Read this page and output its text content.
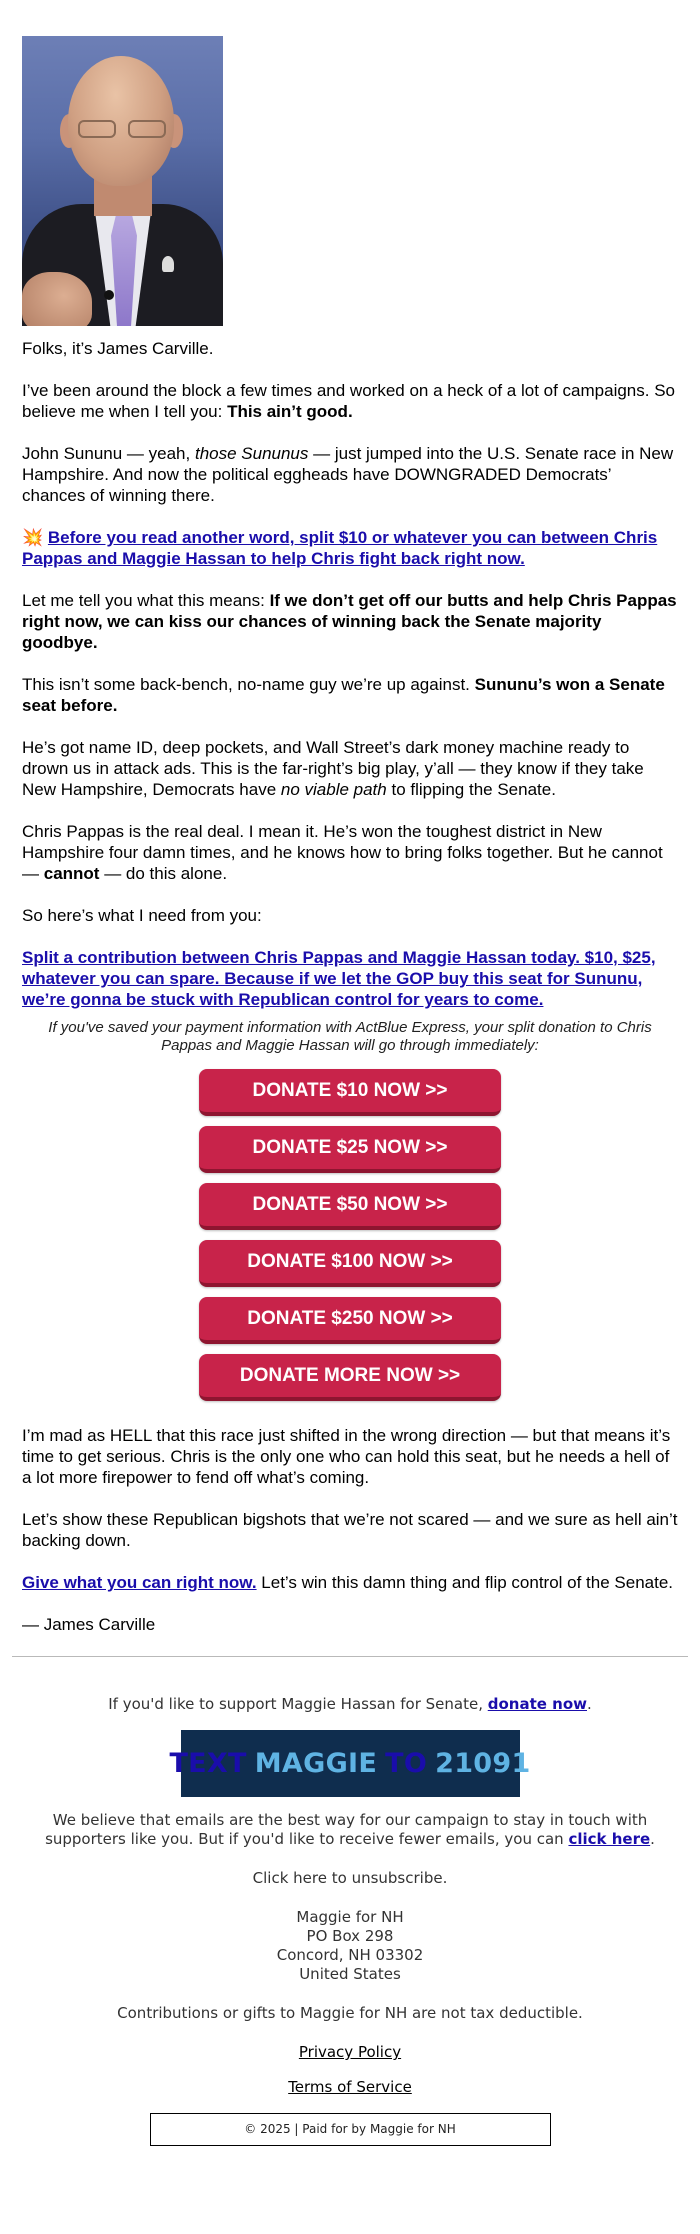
Folks, it’s James Carville.

I’ve been around the block a few times and worked on a heck of a lot of campaigns. So believe me when I tell you: This ain’t good.

John Sununu — yeah, those Sununus — just jumped into the U.S. Senate race in New Hampshire. And now the political eggheads have DOWNGRADED Democrats’ chances of winning there.

💥 Before you read another word, split $10 or whatever you can between Chris Pappas and Maggie Hassan to help Chris fight back right now.

Let me tell you what this means: If we don’t get off our butts and help Chris Pappas right now, we can kiss our chances of winning back the Senate majority goodbye.

This isn’t some back-bench, no-name guy we’re up against. Sununu’s won a Senate seat before.

He’s got name ID, deep pockets, and Wall Street’s dark money machine ready to drown us in attack ads. This is the far-right’s big play, y’all — they know if they take New Hampshire, Democrats have no viable path to flipping the Senate.

Chris Pappas is the real deal. I mean it. He’s won the toughest district in New Hampshire four damn times, and he knows how to bring folks together. But he cannot — cannot — do this alone.

So here’s what I need from you:

Split a contribution between Chris Pappas and Maggie Hassan today. $10, $25, whatever you can spare. Because if we let the GOP buy this seat for Sununu, we’re gonna be stuck with Republican control for years to come.

If you've saved your payment information with ActBlue Express, your split donation to Chris Pappas and Maggie Hassan will go through immediately:

DONATE $10 NOW >>
DONATE $25 NOW >>
DONATE $50 NOW >>
DONATE $100 NOW >>
DONATE $250 NOW >>
DONATE MORE NOW >>

I’m mad as HELL that this race just shifted in the wrong direction — but that means it’s time to get serious. Chris is the only one who can hold this seat, but he needs a hell of a lot more firepower to fend off what’s coming.

Let’s show these Republican bigshots that we’re not scared — and we sure as hell ain’t backing down.

Give what you can right now. Let’s win this damn thing and flip control of the Senate.

— James Carville

If you'd like to support Maggie Hassan for Senate, donate now.
TEXT MAGGIE TO 21091
We believe that emails are the best way for our campaign to stay in touch with supporters like you. But if you'd like to receive fewer emails, you can click here.
Click here to unsubscribe.
Maggie for NH
PO Box 298
Concord, NH 03302
United States
Contributions or gifts to Maggie for NH are not tax deductible.
Privacy Policy
Terms of Service
© 2025 | Paid for by Maggie for NH
